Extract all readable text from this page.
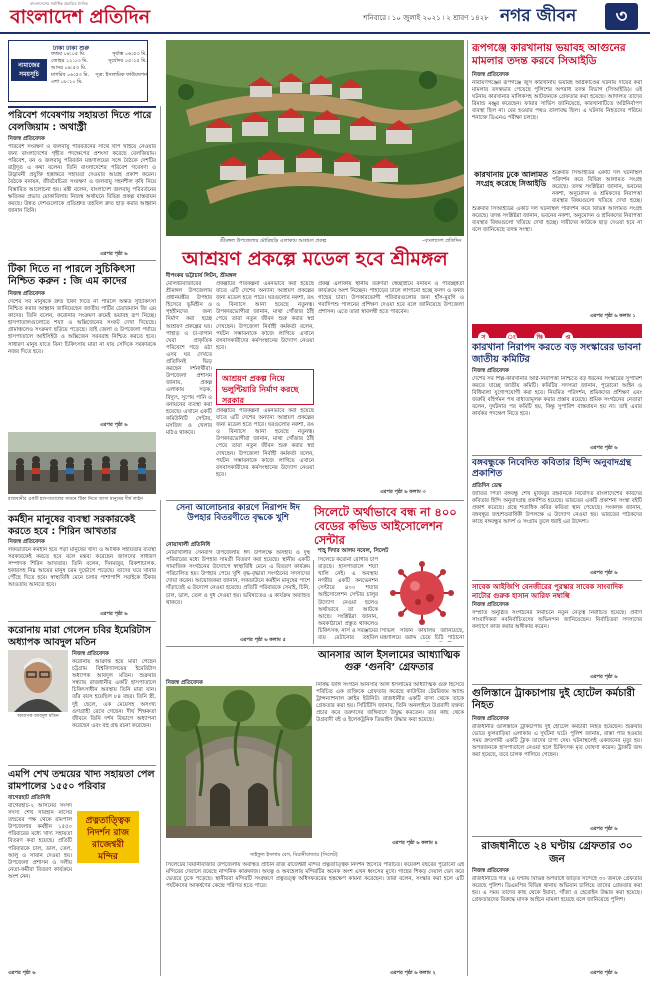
বাংলাদেশের সর্বাধিক প্রচারিত দৈনিক
বাংলাদেশ প্রতিদিন	শনিবারে ৷ ১০ জুলাই ২০২১ ৷ ২ শ্রাবণ ১৪২৮ নগর জীবন	৩
ঢাকা ঢাকা শুরু
নামাজের
সময়সূচি
ফজর ০৪:০৫ মি.	সূর্যাস্ত ০৬:৫৩ মি.
জোহর ১২:০৩ মি.	সূর্যোদয় ০৫:২৫ মি.
আসর ০৪:৫৩ মি.
মাগরিব ০৬:৫৩ মি. সূত্র: ইসলামিক ফাউন্ডেশন
এশা ০৮:২০ মি.
পরিবেশ গবেষণায় সহায়তা দিতে পারে বেলজিয়াম : অথাস্ট্রী
নিজস্ব প্রতিবেদক

পরিবেশ সংরক্ষণ ও জলবায়ু পরিবর্তনের সাথে খাপ খাইয়ে নেওয়ার জন্য বাংলাদেশের গৃহীত পদক্ষেপের প্রশংসা করেছে বেলজিয়াম। পরিবেশ, বন ও জলবায়ু পরিবর্তন মন্ত্রণালয়ের সঙ্গে বৈঠকে দেশটির রাষ্ট্রদূত এ কথা বলেন। তিনি বাংলাদেশের পরিবেশ গবেষণা ও উদ্ভাবনী প্রযুক্তি হস্তান্তরে সহায়তা দেওয়ার আগ্রহ প্রকাশ করেন। বৈঠকে বনায়ন, জীববৈচিত্র্য সংরক্ষণ ও জলবায়ু সহনশীল কৃষি নিয়ে বিস্তারিত আলোচনা হয়। মন্ত্রী বলেন, বাংলাদেশ জলবায়ু পরিবর্তনের ক্ষতিকর প্রভাব মোকাবিলায় নিজস্ব অর্থায়নে বিভিন্ন প্রকল্প বাস্তবায়ন করছে। উন্নত দেশগুলোকে প্রতিশ্রুত তহবিল দ্রুত ছাড় করার আহ্বান জানান তিনি।

এরপর পৃষ্ঠা ৬
টিকা দিতে না পারলে সুচিকিৎসা নিশ্চিত করুন : জি এম কাদের
নিজস্ব প্রতিবেদক

দেশের সব মানুষকে দ্রুত টিকা দিতে না পারলে অন্তত সুচিকিৎসা নিশ্চিত করার আহ্বান জানিয়েছেন জাতীয় পার্টির চেয়ারম্যান জি এম কাদের। তিনি বলেন, করোনার সংক্রমণ ক্রমেই ভয়াবহ রূপ নিচ্ছে। হাসপাতালগুলোতে শয্যা ও অক্সিজেনের সংকট দেখা দিয়েছে। গ্রামাঞ্চলেও সংক্রমণ ছড়িয়ে পড়েছে। তাই জেলা ও উপজেলা পর্যায়ে হাসপাতালে আইসিইউ ও অক্সিজেন সরবরাহ নিশ্চিত করতে হবে। সাধারণ মানুষ যাতে বিনা চিকিৎসায় মারা না যায় সেদিকে সরকারকে নজর দিতে হবে।

এরপর পৃষ্ঠা ৬
রাজধানীর একটি হাসপাতালের সামনে টিকা নিতে আসা মানুষের দীর্ঘ লাইন
কর্মহীন মানুষের ব্যবস্থা সরকারকেই করতে হবে : শিরিন আখতার
নিজস্ব প্রতিবেদক

লকডাউনে কর্মহীন হয়ে পড়া মানুষের খাদ্য ও আর্থিক সহায়তার ব্যবস্থা সরকারকেই করতে হবে বলে মন্তব্য করেছেন জাসদের সাধারণ সম্পাদক শিরিন আখতার। তিনি বলেন, দিনমজুর, রিকশাচালক, হকারসহ নিম্ন আয়ের মানুষ চরম দুর্ভোগে পড়েছে। তাদের ঘরে খাবার পৌঁছে দিতে হবে। স্বাস্থ্যবিধি মেনে চলার পাশাপাশি সবাইকে টিকার আওতায় আনতে হবে।

এরপর পৃষ্ঠা ৬
করোনায় মারা গেলেন চবির ইমেরিটাস অধ্যাপক আবদুল মতিন
নিজস্ব প্রতিবেদক
অধ্যাপক আবদুল মতিন

করোনায় আক্রান্ত হয়ে মারা গেছেন চট্টগ্রাম বিশ্ববিদ্যালয়ের ইমেরিটাস অধ্যাপক আবদুল মতিন। শুক্রবার সন্ধ্যায় রাজধানীর একটি হাসপাতালে চিকিৎসাধীন অবস্থায় তিনি মারা যান। তাঁর বয়স হয়েছিল ৮৪ বছর। তিনি স্ত্রী, দুই ছেলে, এক মেয়েসহ অসংখ্য গুণগ্রাহী রেখে গেছেন। দীর্ঘ শিক্ষকতা জীবনে তিনি দর্শন বিভাগে অধ্যাপনা করেছেন এবং বহু গ্রন্থ রচনা করেছেন।

এমপি শেখ তন্ময়ের খাদ্য সহায়তা পেল রামপালের ১৫৫০ পরিবার
বাগেরহাট প্রতিনিধি

বাগেরহাট-২ আসনের সংসদ সদস্য শেখ সারহান নাসের তন্ময়ের পক্ষ থেকে রামপাল উপজেলার কর্মহীন ১৫৫০ পরিবারের মধ্যে খাদ্য সহায়তা বিতরণ করা হয়েছে। প্রতিটি পরিবারকে চাল, ডাল, তেল, আলু ও সাবান দেওয়া হয়। উপজেলা প্রশাসন ও দলীয় নেতা-কর্মীরা বিতরণ কার্যক্রমে অংশ নেন।

এরপর পৃষ্ঠা ৬
শ্রীমঙ্গল উপজেলার মৌরিছড়ি এলাকায় আশ্রয়ণ প্রকল্প	–বাংলাদেশ প্রতিদিন
আশ্রয়ণ প্রকল্পে মডেল হবে শ্রীমঙ্গল
দীপংকর ভট্টাচার্য লিটন, শ্রীমঙ্গল

মৌলভীবাজারের শ্রীমঙ্গল উপজেলায় প্রধানমন্ত্রীর উপহার হিসেবে ভূমিহীন ও গৃহহীনদের জন্য নির্মাণ করা হচ্ছে আশ্রয়ণ প্রকল্পের ঘর। পাহাড় ও চা-বাগান ঘেরা প্রাকৃতিক পরিবেশে গড়ে ওঠা এসব ঘর দেখতে প্রতিদিনই ভিড় করছেন দর্শনার্থীরা। উপজেলা প্রশাসন জানায়, প্রকল্প এলাকায় সড়ক, বিদ্যুৎ, সুপেয় পানি ও বনায়নের ব্যবস্থা করা হয়েছে। এখানে একটি কমিউনিটি সেন্টার, মসজিদ ও খেলার মাঠও থাকবে।

প্রকল্পটির পরিকল্পনা এমনভাবে করা হয়েছে যাতে এটি দেশের অন্যান্য আশ্রয়ণ প্রকল্পের জন্য মডেল হতে পারে। ঘরগুলোর নকশা, রঙ ও বিন্যাসে আনা হয়েছে নতুনত্ব। উপকারভোগীরা জানান, মাথা গোঁজার ঠাঁই পেয়ে তারা নতুন জীবন শুরু করার স্বপ্ন দেখছেন। উপজেলা নির্বাহী কর্মকর্তা বলেন, পর্যটন সম্ভাবনাকে কাজে লাগিয়ে এখানে বসবাসকারীদের কর্মসংস্থানের উদ্যোগ নেওয়া হবে।

আশ্রয়ণ প্রকল্প নিয়ে ভলুন্টিয়ারি নির্মাণ করছে সরকার

প্রকল্পটির পরিকল্পনা এমনভাবে করা হয়েছে যাতে এটি দেশের অন্যান্য আশ্রয়ণ প্রকল্পের জন্য মডেল হতে পারে। ঘরগুলোর নকশা, রঙ ও বিন্যাসে আনা হয়েছে নতুনত্ব। উপকারভোগীরা জানান, মাথা গোঁজার ঠাঁই পেয়ে তারা নতুন জীবন শুরু করার স্বপ্ন দেখছেন। উপজেলা নির্বাহী কর্মকর্তা বলেন, পর্যটন সম্ভাবনাকে কাজে লাগিয়ে এখানে বসবাসকারীদের কর্মসংস্থানের উদ্যোগ নেওয়া হবে।

প্রকল্প এলাকায় স্থানীয় তরুণরা স্বেচ্ছাশ্রমে বনায়ন ও পরিচ্ছন্নতা কার্যক্রমে অংশ নিচ্ছেন। পাহাড়ের ঢালে লাগানো হচ্ছে ফলদ ও বনজ গাছের চারা। উপকারভোগী পরিবারগুলোর জন্য হাঁস-মুরগি ও গবাদিপশু পালনের প্রশিক্ষণ দেওয়া হবে বলে জানিয়েছে উপজেলা প্রশাসন। এতে তারা স্বাবলম্বী হতে পারবেন।

এরপর পৃষ্ঠা ৬ কলাম ৩
সেনা আলোচনার কারণে নিরাপদ ঈদ উপহার বিতরণীতে বৃদ্ধকে খুশি
নোয়াখালী প্রতিনিধি

নোয়াখালীর সেনবাগ উপজেলায় ঈদ উপলক্ষে অসহায় ও দুস্থ পরিবারের মধ্যে উপহার সামগ্রী বিতরণ করা হয়েছে। স্থানীয় একটি সামাজিক সংগঠনের উদ্যোগে স্বাস্থ্যবিধি মেনে এ বিতরণ কার্যক্রম পরিচালিত হয়। উপহার পেয়ে খুশি বৃদ্ধ-বৃদ্ধারা সংগঠনের সদস্যদের দোয়া করেন। আয়োজকরা জানান, লকডাউনে কর্মহীন মানুষের পাশে দাঁড়াতেই এ উদ্যোগ নেওয়া হয়েছে। প্রতিটি পরিবারকে সেমাই, চিনি, চাল, ডাল, তেল ও দুধ দেওয়া হয়। ভবিষ্যতেও এ কার্যক্রম অব্যাহত থাকবে।

এরপর পৃষ্ঠা ৬ কলাম ৫
সিলেটে অর্থাভাবে বন্ধ না ৪০০ বেডের কভিড আইসোলেশন সেন্টার
শাহ্ দিদার আলম নবেল, সিলেট

সিলেটে করোনা রোগীর চাপ বাড়ছে। হাসপাতালে শয্যা খালি নেই। এ অবস্থায় নগরীর একটি কনভেনশন সেন্টারে ৪০০ শয্যার আইসোলেশন সেন্টার চালুর উদ্যোগ নেওয়া হলেও অর্থাভাবে তা আটকে আছে। সংশ্লিষ্টরা জানান, অবকাঠামো প্রস্তুত থাকলেও চিকিৎসক, নার্স ও সরঞ্জামের ব্যয় মেটানোর তহবিল

সিভিল সার্জন কার্যালয় জানিয়েছে, মন্ত্রণালয়ে বরাদ্দ চেয়ে চিঠি পাঠানো

আনসার আল ইসলামের আধ্যাত্মিক গুরু ‘গুনবি’ গ্রেফতার
নিজস্ব প্রতিবেদক

প্রত্নতাত্ত্বিক নিদর্শন রাজ রাজেশ্বরী মন্দির

নিষিদ্ধ জঙ্গি সংগঠন আনসার আল ইসলামের আধ্যাত্মিক গুরু হিসেবে পরিচিত এক ব্যক্তিকে গ্রেফতার করেছে কাউন্টার টেররিজম অ্যান্ড ট্রান্সন্যাশনাল ক্রাইম ইউনিট। রাজধানীর একটি বাসা থেকে তাকে গ্রেফতার করা হয়। সিটিটিসি জানায়, তিনি অনলাইনে উগ্রবাদী বক্তব্য প্রচার করে তরুণদের জঙ্গিবাদে উদ্বুদ্ধ করতেন। তার কাছ থেকে উগ্রবাদী বই ও ইলেকট্রনিক ডিভাইস উদ্ধার করা হয়েছে।

এরপর পৃষ্ঠা ৬ কলাম ৪
সাইফুল ইসলাম বেগ, বিয়ানীবাজার (সিলেট)

সিলেটের বিয়ানীবাজার উপজেলায় অবস্থিত প্রাচীন রাজ রাজেশ্বরী মন্দির প্রত্নতাত্ত্বিক নিদর্শন হিসেবে পরিচিত। কয়েকশ বছরের পুরোনো এই মন্দিরের দেয়ালে রয়েছে নান্দনিক কারুকাজ। অযত্ন ও অবহেলায় মন্দিরটির অনেক অংশ এখন ধ্বংসের মুখে। গাছের শিকড় দেয়াল ভেদ করে ভেতরে ঢুকে পড়েছে। স্থানীয়রা মন্দিরটি সংরক্ষণে প্রত্নতত্ত্ব অধিদফতরের হস্তক্ষেপ কামনা করেছেন। তারা বলেন, সংস্কার করা হলে এটি পর্যটকদের আকর্ষণের কেন্দ্রে পরিণত হতে পারে।

এরপর পৃষ্ঠা ৬ কলাম ২
রূপগঞ্জে কারখানায় ভয়াবহ আগুনের মামলার তদন্ত করবে সিআইডি
নিজস্ব প্রতিবেদক

নারায়ণগঞ্জের রূপগঞ্জে জুস কারখানায় ভয়াবহ অগ্নিকাণ্ডের ঘটনায় দায়ের করা মামলার তদন্তভার পেয়েছে পুলিশের অপরাধ তদন্ত বিভাগ (সিআইডি)। ওই ঘটনায় কারখানার মালিকসহ আটজনকে গ্রেফতার করা হয়েছে। আদালত তাদের রিমান্ড মঞ্জুর করেছেন। ফায়ার সার্ভিস জানিয়েছে, কারখানাটিতে অগ্নিনির্বাপণ ব্যবস্থা ছিল না। বের হওয়ার পথও তালাবদ্ধ ছিল। এ ঘটনায় নিহতদের পরিচয় শনাক্তে ডিএনএ পরীক্ষা চলছে।

কারখানায় ঢুকে আলামত সংগ্রহ করেছে সিআইডি

শুক্রবার সিআইডির একটি দল ঘটনাস্থল পরিদর্শন করে বিভিন্ন আলামত সংগ্রহ করেছে। তদন্ত সংশ্লিষ্টরা জানান, ভবনের নকশা, অনুমোদন ও শ্রমিকদের নিরাপত্তা ব্যবস্থার বিষয়গুলো খতিয়ে দেখা হচ্ছে।

শুক্রবার সিআইডির একটি দল ঘটনাস্থল পরিদর্শন করে বিভিন্ন আলামত সংগ্রহ করেছে। তদন্ত সংশ্লিষ্টরা জানান, ভবনের নকশা, অনুমোদন ও শ্রমিকদের নিরাপত্তা ব্যবস্থার বিষয়গুলো খতিয়ে দেখা হচ্ছে। দায়ীদের কাউকে ছাড় দেওয়া হবে না বলে জানিয়েছে তদন্ত সংস্থা।

এরপর পৃষ্ঠা ৬ কলাম ১
স	ং	ক্ষি	প্ত
কারখানা নিরাপদ করতে বড় সংস্কারের ভাবনা জাতীয় কমিটির
নিজস্ব প্রতিবেদক

দেশের সব শিল্প-কারখানার অগ্নি-নিরাপত্তা নিশ্চিতে বড় ধরনের সংস্কারের সুপারিশ করতে যাচ্ছে জাতীয় কমিটি। কমিটির সদস্যরা জানান, পুরোনো আইন ও বিধিমালা যুগোপযোগী করা হবে। নিয়মিত পরিদর্শন, শ্রমিকদের প্রশিক্ষণ এবং জরুরি বহির্গমন পথ বাধ্যতামূলক করার প্রস্তাব রয়েছে। শ্রমিক সংগঠনের নেতারা বলেন, দুর্ঘটনার পর কমিটি হয়, কিন্তু সুপারিশ বাস্তবায়ন হয় না। তাই এবার কার্যকর পদক্ষেপ নিতে হবে।

এরপর পৃষ্ঠা ৬
বঙ্গবন্ধুকে নিবেদিত কবিতার হিন্দি অনুবাদগ্রন্থ প্রকাশিত
প্রতিদিন ডেস্ক

জাতির পিতা বঙ্গবন্ধু শেখ মুজিবুর রহমানকে নিবেদিত বাংলাদেশের কবিদের কবিতার হিন্দি অনুবাদগ্রন্থ প্রকাশিত হয়েছে। ভারতের একটি প্রকাশনা সংস্থা বইটি প্রকাশ করেছে। গ্রন্থে শতাধিক কবির কবিতা স্থান পেয়েছে। সংকলক জানান, বঙ্গবন্ধুর জন্মশতবার্ষিকী উপলক্ষে এ উদ্যোগ নেওয়া হয়। ভারতের পাঠকদের কাছে বঙ্গবন্ধুর আদর্শ ও সংগ্রাম তুলে ধরাই এর উদ্দেশ্য।

এরপর পৃষ্ঠা ৬
সাবেক আইজিপি বেনজীরের পুরস্কার সাবেক সাংবাদিক নাটোর গুরুক হাসান আরিফ নম্বাল্বি
নিজস্ব প্রতিবেদক

সম্প্রতি অনুষ্ঠিত সংগঠনের নির্বাচনে নতুন নেতৃত্ব নির্বাচিত হয়েছে। প্রবীণ সাংবাদিকরা নবনির্বাচিতদের অভিনন্দন জানিয়েছেন। নির্বাচিতরা সদস্যদের কল্যাণে কাজ করার অঙ্গীকার করেন।

এরপর পৃষ্ঠা ৬
গুলিস্তানে ট্রাকচাপায় দুই হোটেল কর্মচারী নিহত
নিজস্ব প্রতিবেদক

রাজধানীর গুলিস্তানে ট্রাকচাপায় দুই হোটেল কর্মচারী নিহত হয়েছেন। শুক্রবার ভোরে ফুলবাড়িয়া এলাকায় এ দুর্ঘটনা ঘটে। পুলিশ জানায়, রাস্তা পার হওয়ার সময় দ্রুতগামী একটি ট্রাক তাদের চাপা দেয়। ঘটনাস্থলেই একজনের মৃত্যু হয়। অপরজনকে হাসপাতালে নেওয়া হলে চিকিৎসক মৃত ঘোষণা করেন। ট্রাকটি জব্দ করা হয়েছে, তবে চালক পালিয়ে গেছেন।

এরপর পৃষ্ঠা ৬
রাজধানীতে ২৪ ঘণ্টায় গ্রেফতার ৩০ জন
নিজস্ব প্রতিবেদক

রাজধানীতে গত ২৪ ঘণ্টায় বিভিন্ন অপরাধে জড়িত সন্দেহে ৩০ জনকে গ্রেফতার করেছে পুলিশ। ডিএমপির বিভিন্ন থানায় অভিযান চালিয়ে তাদের গ্রেফতার করা হয়। এ সময় তাদের কাছ থেকে ইয়াবা, গাঁজা ও হেরোইন উদ্ধার করা হয়েছে। গ্রেফতারদের বিরুদ্ধে মাদক আইনে মামলা হয়েছে বলে জানিয়েছে পুলিশ।

এরপর পৃষ্ঠা ৬
